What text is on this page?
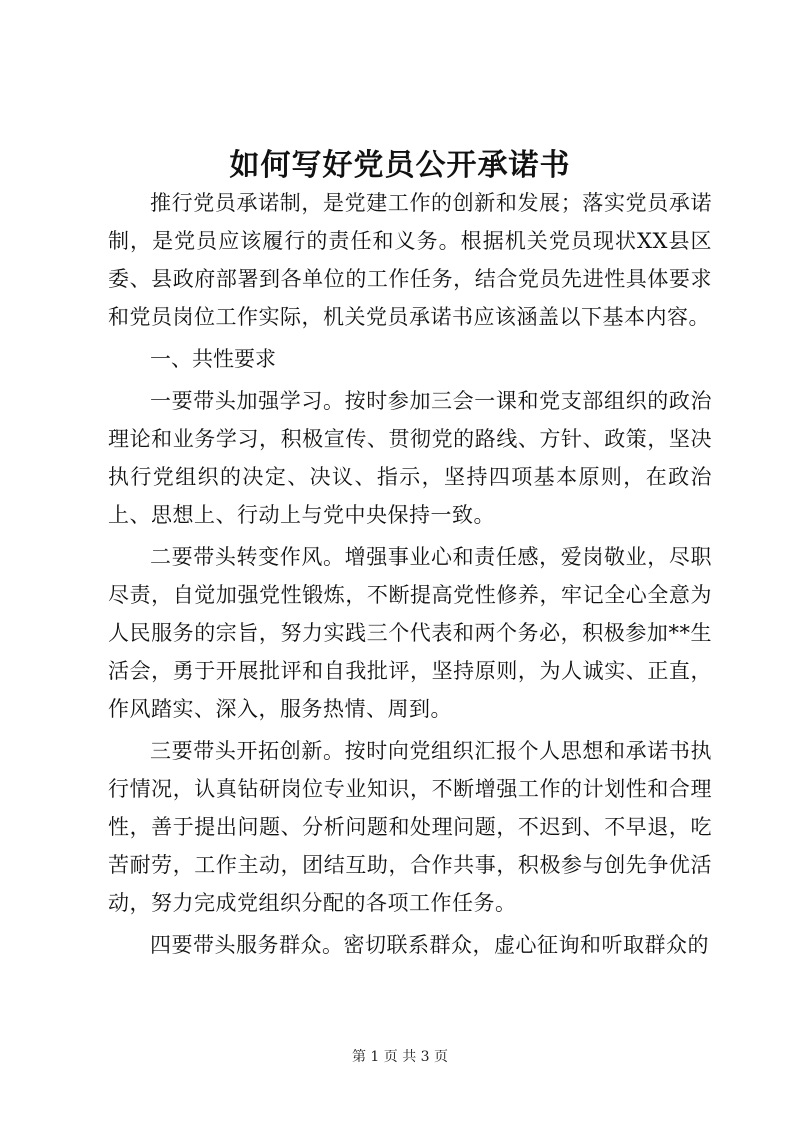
如何写好党员公开承诺书

推行党员承诺制，是党建工作的创新和发展；落实党员承诺制，是党员应该履行的责任和义务。根据机关党员现状XX县区委、县政府部署到各单位的工作任务，结合党员先进性具体要求和党员岗位工作实际，机关党员承诺书应该涵盖以下基本内容。

一、共性要求

一要带头加强学习。按时参加三会一课和党支部组织的政治理论和业务学习，积极宣传、贯彻党的路线、方针、政策，坚决执行党组织的决定、决议、指示，坚持四项基本原则，在政治上、思想上、行动上与党中央保持一致。

二要带头转变作风。增强事业心和责任感，爱岗敬业，尽职尽责，自觉加强党性锻炼，不断提高党性修养，牢记全心全意为人民服务的宗旨，努力实践三个代表和两个务必，积极参加**生活会，勇于开展批评和自我批评，坚持原则，为人诚实、正直，作风踏实、深入，服务热情、周到。

三要带头开拓创新。按时向党组织汇报个人思想和承诺书执行情况，认真钻研岗位专业知识，不断增强工作的计划性和合理性，善于提出问题、分析问题和处理问题，不迟到、不早退，吃苦耐劳，工作主动，团结互助，合作共事，积极参与创先争优活动，努力完成党组织分配的各项工作任务。

四要带头服务群众。密切联系群众，虚心征询和听取群众的

第 1 页 共 3 页
